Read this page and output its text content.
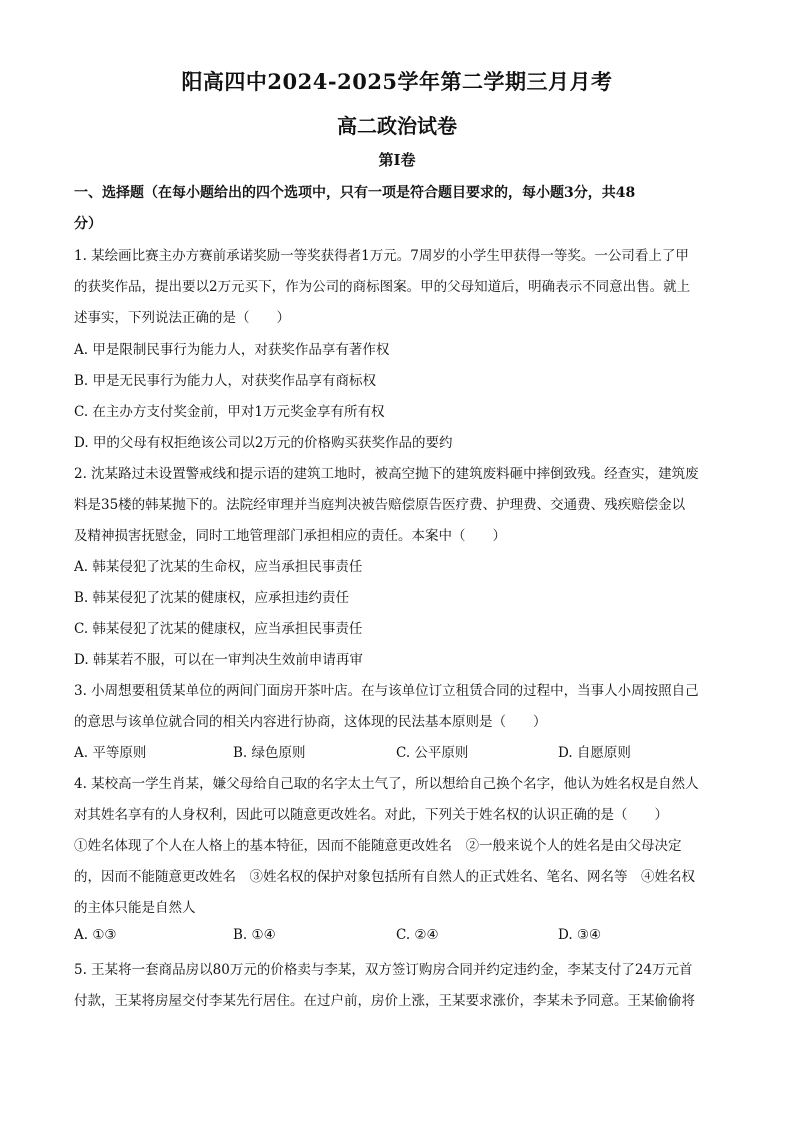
阳高四中2024-2025学年第二学期三月月考
高二政治试卷
第Ⅰ卷
一、选择题（在每小题给出的四个选项中，只有一项是符合题目要求的，每小题3分，共48
分）
1. 某绘画比赛主办方赛前承诺奖励一等奖获得者1万元。7周岁的小学生甲获得一等奖。一公司看上了甲
的获奖作品，提出要以2万元买下，作为公司的商标图案。甲的父母知道后，明确表示不同意出售。就上
述事实，下列说法正确的是（　　）
A. 甲是限制民事行为能力人，对获奖作品享有著作权
B. 甲是无民事行为能力人，对获奖作品享有商标权
C. 在主办方支付奖金前，甲对1万元奖金享有所有权
D. 甲的父母有权拒绝该公司以2万元的价格购买获奖作品的要约
2. 沈某路过未设置警戒线和提示语的建筑工地时，被高空抛下的建筑废料砸中摔倒致残。经查实，建筑废
料是35楼的韩某抛下的。法院经审理并当庭判决被告赔偿原告医疗费、护理费、交通费、残疾赔偿金以
及精神损害抚慰金，同时工地管理部门承担相应的责任。本案中（　　）
A. 韩某侵犯了沈某的生命权，应当承担民事责任
B. 韩某侵犯了沈某的健康权，应承担违约责任
C. 韩某侵犯了沈某的健康权，应当承担民事责任
D. 韩某若不服，可以在一审判决生效前申请再审
3. 小周想要租赁某单位的两间门面房开茶叶店。在与该单位订立租赁合同的过程中，当事人小周按照自己
的意思与该单位就合同的相关内容进行协商，这体现的民法基本原则是（　　）
A. 平等原则	B. 绿色原则	C. 公平原则	D. 自愿原则
4. 某校高一学生肖某，嫌父母给自己取的名字太土气了，所以想给自己换个名字，他认为姓名权是自然人
对其姓名享有的人身权利，因此可以随意更改姓名。对此，下列关于姓名权的认识正确的是（　　）
①姓名体现了个人在人格上的基本特征，因而不能随意更改姓名　②一般来说个人的姓名是由父母决定
的，因而不能随意更改姓名　③姓名权的保护对象包括所有自然人的正式姓名、笔名、网名等　④姓名权
的主体只能是自然人
A. ①③	B. ①④	C. ②④	D. ③④
5. 王某将一套商品房以80万元的价格卖与李某，双方签订购房合同并约定违约金，李某支付了24万元首
付款，王某将房屋交付李某先行居住。在过户前，房价上涨，王某要求涨价，李某未予同意。王某偷偷将
